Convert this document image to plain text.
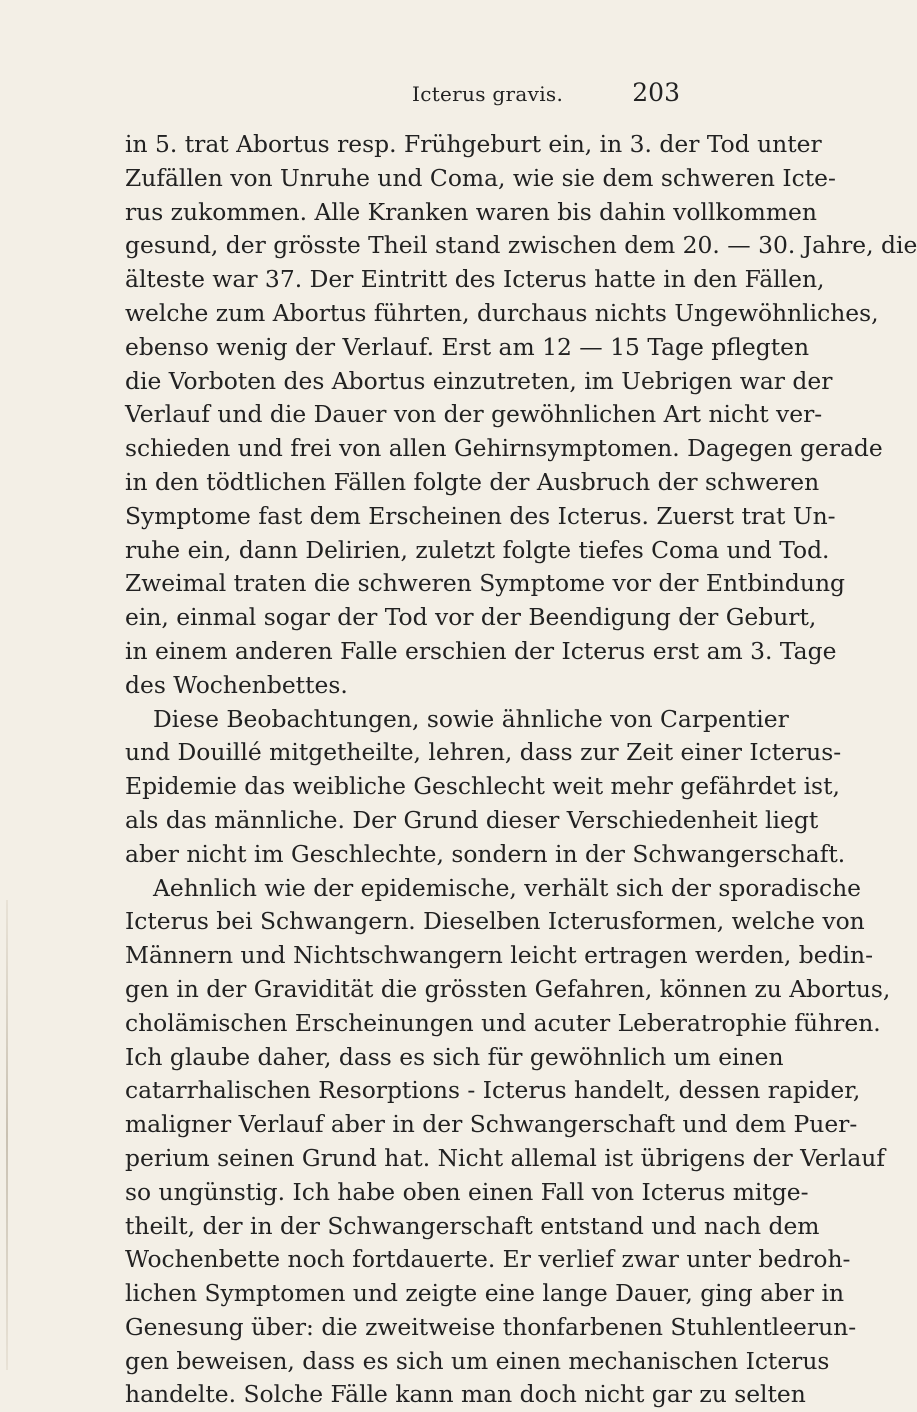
Icterus gravis.	203
in 5. trat Abortus resp. Frühgeburt ein, in 3. der Tod unter
Zufällen von Unruhe und Coma, wie sie dem schweren Icte-
rus zukommen. Alle Kranken waren bis dahin vollkommen
gesund, der grösste Theil stand zwischen dem 20. — 30. Jahre, die
älteste war 37. Der Eintritt des Icterus hatte in den Fällen,
welche zum Abortus führten, durchaus nichts Ungewöhnliches,
ebenso wenig der Verlauf. Erst am 12 — 15 Tage pflegten
die Vorboten des Abortus einzutreten, im Uebrigen war der
Verlauf und die Dauer von der gewöhnlichen Art nicht ver-
schieden und frei von allen Gehirnsymptomen. Dagegen gerade
in den tödtlichen Fällen folgte der Ausbruch der schweren
Symptome fast dem Erscheinen des Icterus. Zuerst trat Un-
ruhe ein, dann Delirien, zuletzt folgte tiefes Coma und Tod.
Zweimal traten die schweren Symptome vor der Entbindung
ein, einmal sogar der Tod vor der Beendigung der Geburt,
in einem anderen Falle erschien der Icterus erst am 3. Tage
des Wochenbettes.
Diese Beobachtungen, sowie ähnliche von Carpentier
und Douillé mitgetheilte, lehren, dass zur Zeit einer Icterus-
Epidemie das weibliche Geschlecht weit mehr gefährdet ist,
als das männliche. Der Grund dieser Verschiedenheit liegt
aber nicht im Geschlechte, sondern in der Schwangerschaft.
Aehnlich wie der epidemische, verhält sich der sporadische
Icterus bei Schwangern. Dieselben Icterusformen, welche von
Männern und Nichtschwangern leicht ertragen werden, bedin-
gen in der Gravidität die grössten Gefahren, können zu Abortus,
cholämischen Erscheinungen und acuter Leberatrophie führen.
Ich glaube daher, dass es sich für gewöhnlich um einen
catarrhalischen Resorptions - Icterus handelt, dessen rapider,
maligner Verlauf aber in der Schwangerschaft und dem Puer-
perium seinen Grund hat. Nicht allemal ist übrigens der Verlauf
so ungünstig. Ich habe oben einen Fall von Icterus mitge-
theilt, der in der Schwangerschaft entstand und nach dem
Wochenbette noch fortdauerte. Er verlief zwar unter bedroh-
lichen Symptomen und zeigte eine lange Dauer, ging aber in
Genesung über: die zweitweise thonfarbenen Stuhlentleerun-
gen beweisen, dass es sich um einen mechanischen Icterus
handelte. Solche Fälle kann man doch nicht gar zu selten
